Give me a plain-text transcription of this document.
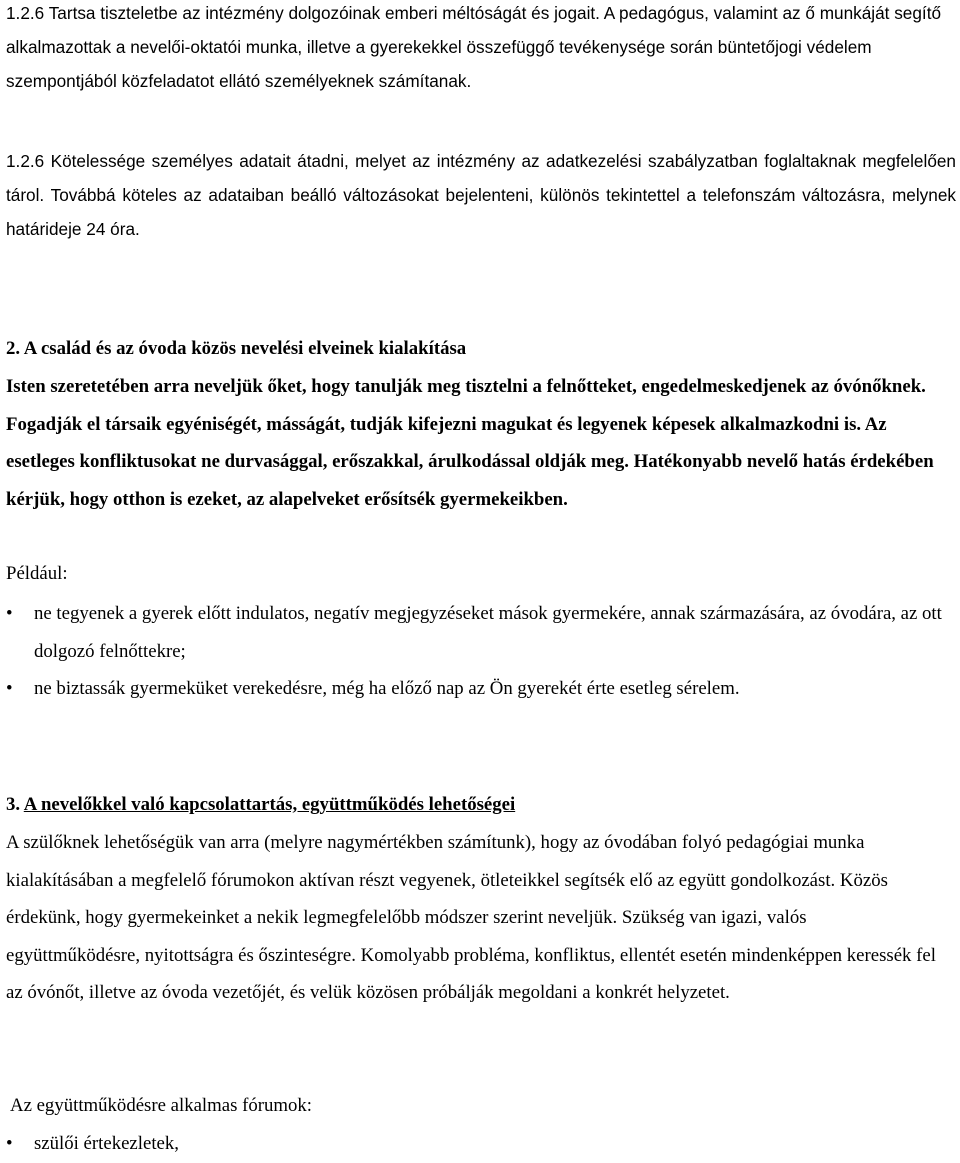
1.2.6 Tartsa tiszteletbe az intézmény dolgozóinak emberi méltóságát és jogait. A pedagógus, valamint az ő munkáját segítő alkalmazottak a nevelői-oktatói munka, illetve a gyerekekkel összefüggő tevékenysége során büntetőjogi védelem szempontjából közfeladatot ellátó személyeknek számítanak.

1.2.6 Kötelessége személyes adatait átadni, melyet az intézmény az adatkezelési szabályzatban foglaltaknak megfelelően tárol. Továbbá köteles az adataiban beálló változásokat bejelenteni, különös tekintettel a telefonszám változásra, melynek határideje 24 óra.

2. A család és az óvoda közös nevelési elveinek kialakítása

Isten szeretetében arra neveljük őket, hogy tanulják meg tisztelni a felnőtteket, engedelmeskedjenek az óvónőknek. Fogadják el társaik egyéniségét, másságát, tudják kifejezni magukat és legyenek képesek alkalmazkodni is. Az esetleges konfliktusokat ne durvasággal, erőszakkal, árulkodással oldják meg. Hatékonyabb nevelő hatás érdekében kérjük, hogy otthon is ezeket, az alapelveket erősítsék gyermekeikben.

Például:
• ne tegyenek a gyerek előtt indulatos, negatív megjegyzéseket mások gyermekére, annak származására, az óvodára, az ott dolgozó felnőttekre;
• ne biztassák gyermeküket verekedésre, még ha előző nap az Ön gyerekét érte esetleg sérelem.
3. A nevelőkkel való kapcsolattartás, együttműködés lehetőségei

A szülőknek lehetőségük van arra (melyre nagymértékben számítunk), hogy az óvodában folyó pedagógiai munka kialakításában a megfelelő fórumokon aktívan részt vegyenek, ötleteikkel segítsék elő az együtt gondolkozást. Közös érdekünk, hogy gyermekeinket a nekik legmegfelelőbb módszer szerint neveljük. Szükség van igazi, valós együttműködésre, nyitottságra és őszinteségre. Komolyabb probléma, konfliktus, ellentét esetén mindenképpen keressék fel az óvónőt, illetve az óvoda vezetőjét, és velük közösen próbálják megoldani a konkrét helyzetet.

Az együttműködésre alkalmas fórumok:
• szülői értekezletek,
